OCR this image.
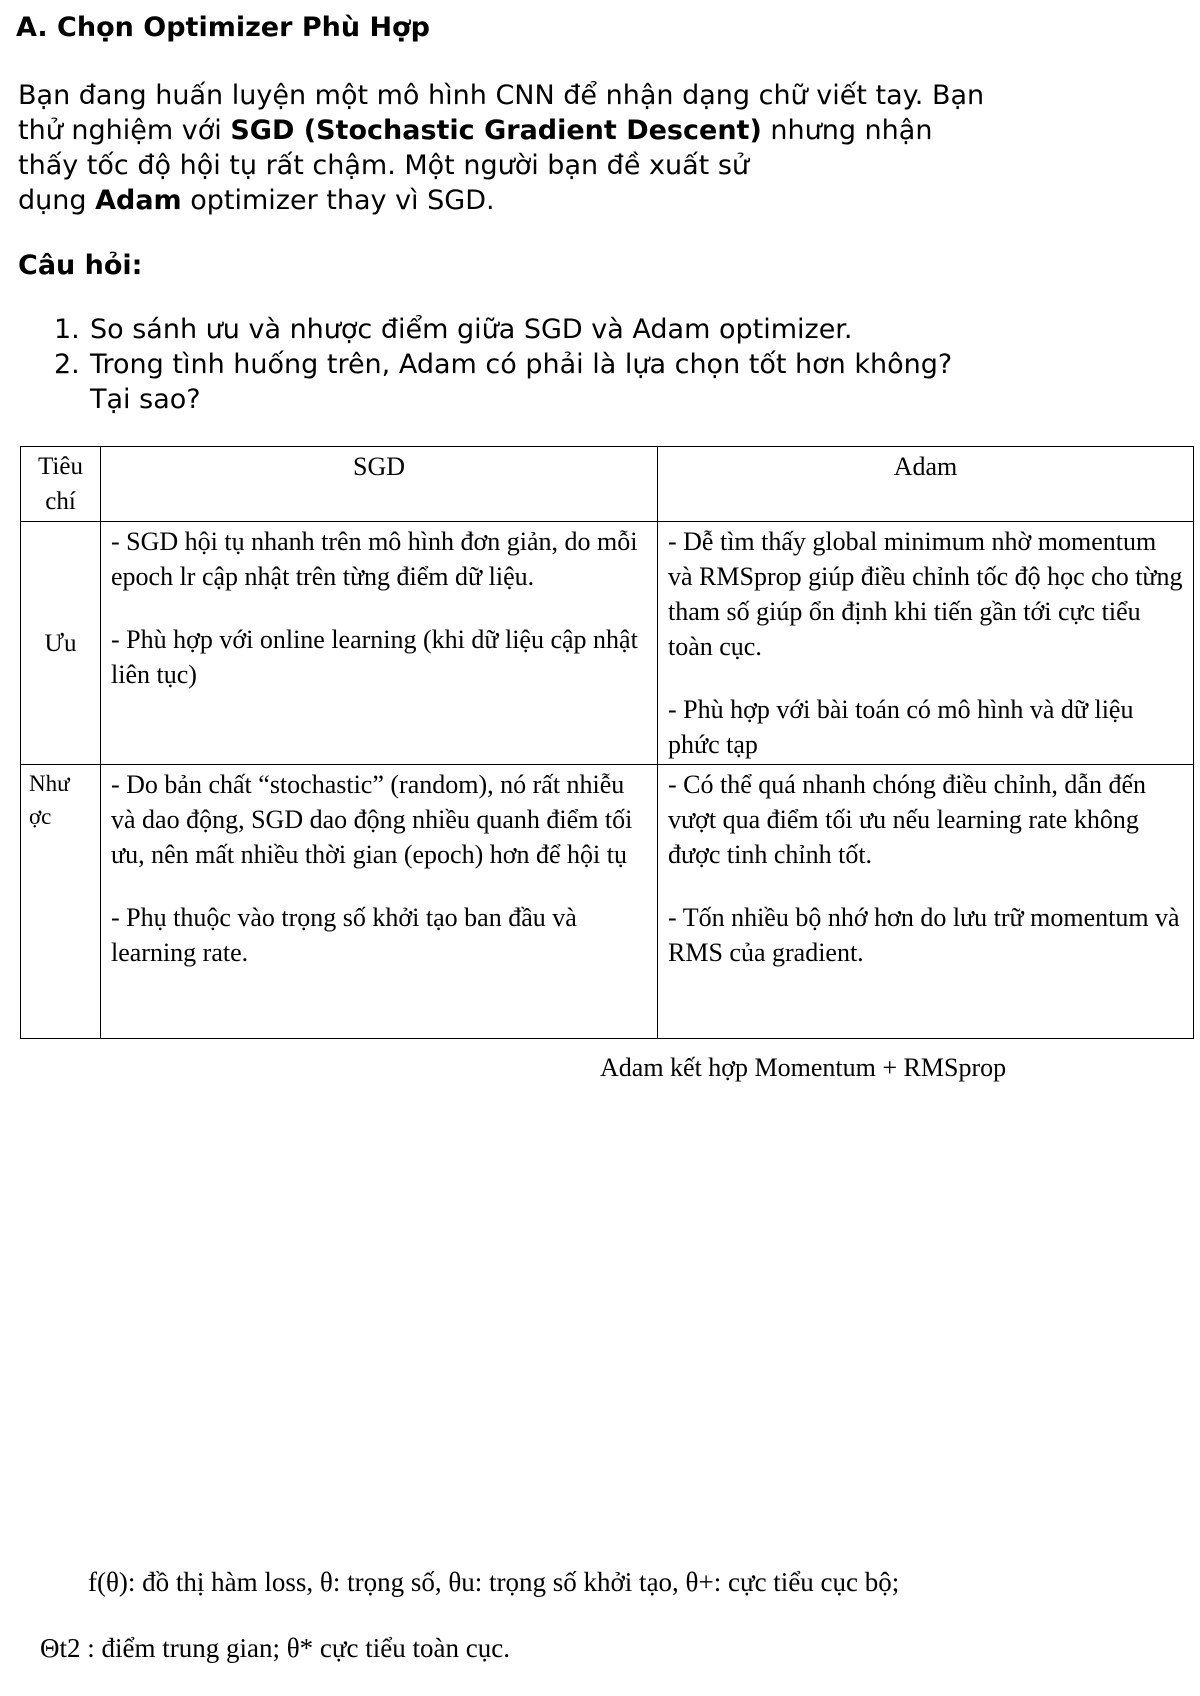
A. Chọn Optimizer Phù Hợp

Bạn đang huấn luyện một mô hình CNN để nhận dạng chữ viết tay. Bạn
thử nghiệm với SGD (Stochastic Gradient Descent) nhưng nhận
thấy tốc độ hội tụ rất chậm. Một người bạn đề xuất sử
dụng Adam optimizer thay vì SGD.

Câu hỏi:

1. So sánh ưu và nhược điểm giữa SGD và Adam optimizer.
2. Trong tình huống trên, Adam có phải là lựa chọn tốt hơn không?
Tại sao?
Tiêu
chí	SGD	Adam
Ưu	- SGD hội tụ nhanh trên mô hình đơn giản, do mỗi epoch lr cập nhật trên từng điểm dữ liệu.
- Phù hợp với online learning (khi dữ liệu cập nhật liên tục)	- Dễ tìm thấy global minimum nhờ momentum và RMSprop giúp điều chỉnh tốc độ học cho từng tham số giúp ổn định khi tiến gần tới cực tiểu toàn cục.
- Phù hợp với bài toán có mô hình và dữ liệu phức tạp

Như
ợc	- Do bản chất “stochastic” (random), nó rất nhiễu và dao động, SGD dao động nhiều quanh điểm tối ưu, nên mất nhiều thời gian (epoch) hơn để hội tụ
- Phụ thuộc vào trọng số khởi tạo ban đầu và learning rate.	- Có thể quá nhanh chóng điều chỉnh, dẫn đến vượt qua điểm tối ưu nếu learning rate không được tinh chỉnh tốt.
- Tốn nhiều bộ nhớ hơn do lưu trữ momentum và RMS của gradient.

Adam kết hợp Momentum + RMSprop

f(θ): đồ thị hàm loss, θ: trọng số, θu: trọng số khởi tạo, θ+: cực tiểu cục bộ;

Θt2 : điểm trung gian; θ* cực tiểu toàn cục.
